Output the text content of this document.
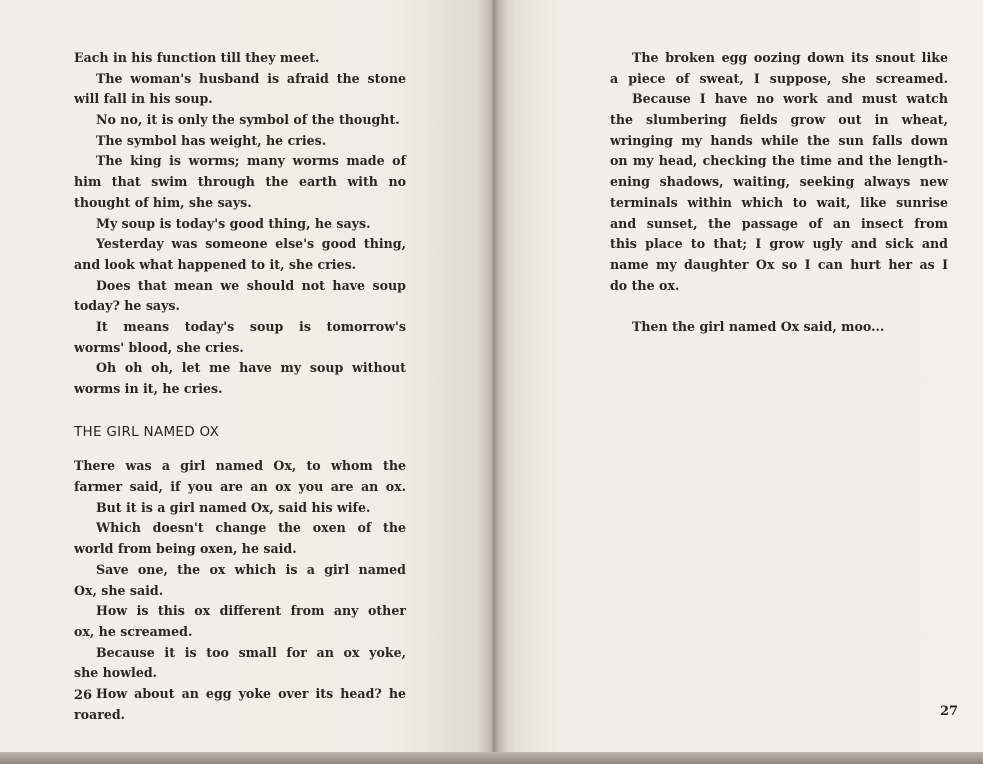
Each in his function till they meet.
The woman's husband is afraid the stone
will fall in his soup.
No no, it is only the symbol of the thought.
The symbol has weight, he cries.
The king is worms; many worms made of
him that swim through the earth with no
thought of him, she says.
My soup is today's good thing, he says.
Yesterday was someone else's good thing,
and look what happened to it, she cries.
Does that mean we should not have soup
today? he says.
It means today's soup is tomorrow's
worms' blood, she cries.
Oh oh oh, let me have my soup without
worms in it, he cries.
THE GIRL NAMED OX
There was a girl named Ox, to whom the
farmer said, if you are an ox you are an ox.
But it is a girl named Ox, said his wife.
Which doesn't change the oxen of the
world from being oxen, he said.
Save one, the ox which is a girl named
Ox, she said.
How is this ox different from any other
ox, he screamed.
Because it is too small for an ox yoke,
she howled.
How about an egg yoke over its head? he
roared.
26
The broken egg oozing down its snout like
a piece of sweat, I suppose, she screamed.
Because I have no work and must watch
the slumbering fields grow out in wheat,
wringing my hands while the sun falls down
on my head, checking the time and the length-
ening shadows, waiting, seeking always new
terminals within which to wait, like sunrise
and sunset, the passage of an insect from
this place to that; I grow ugly and sick and
name my daughter Ox so I can hurt her as I
do the ox.
Then the girl named Ox said, moo...
27
